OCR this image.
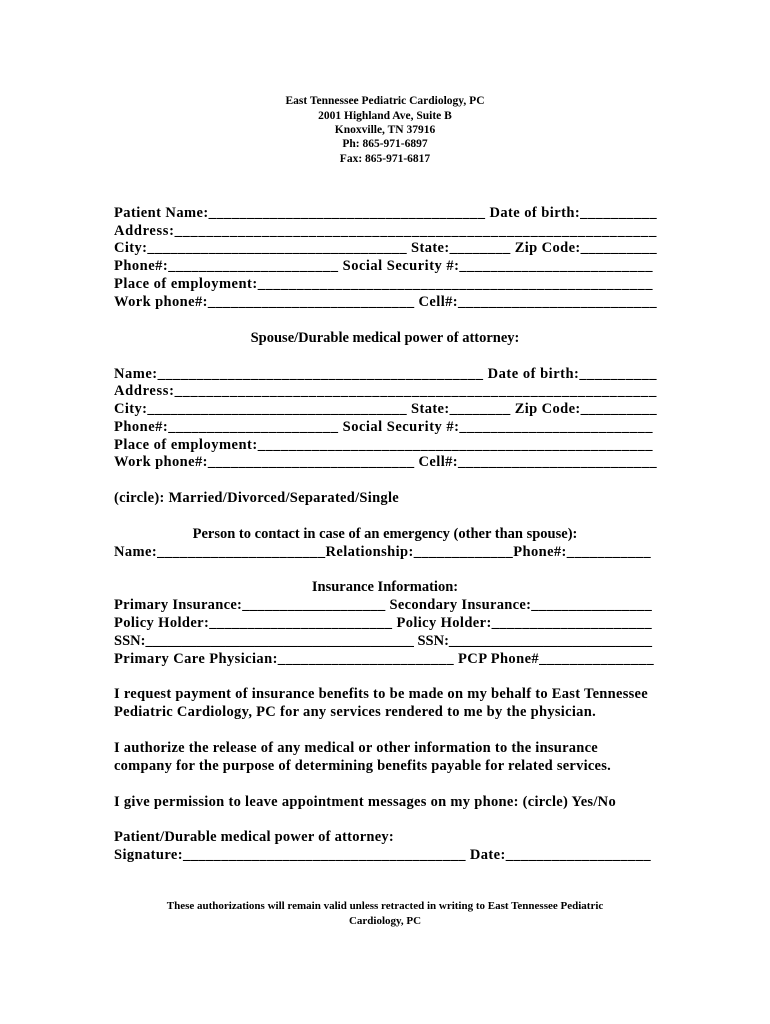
East Tennessee Pediatric Cardiology, PC

2001 Highland Ave, Suite B

Knoxville, TN 37916

Ph: 865-971-6897

Fax: 865-971-6817

Patient Name:____________________________________ Date of birth:__________

Address:_____________________________________________________________

City:__________________________________ State:________ Zip Code:__________

Phone#:______________________ Social Security #:_________________________

Place of employment:___________________________________________________

Work phone#:___________________________ Cell#:__________________________

Spouse/Durable medical power of attorney:

Name:__________________________________________ Date of birth:__________

Address:_____________________________________________________________

City:__________________________________ State:________ Zip Code:__________

Phone#:______________________ Social Security #:_________________________

Place of employment:___________________________________________________

Work phone#:___________________________ Cell#:__________________________

(circle): Married/Divorced/Separated/Single

Person to contact in case of an emergency (other than spouse):

Name:______________________Relationship:_____________Phone#:___________

Insurance Information:

Primary Insurance:___________________ Secondary Insurance:________________

Policy Holder:________________________ Policy Holder:_____________________

SSN:_____________________________________ SSN:____________________________

Primary Care Physician:_______________________ PCP Phone#_______________

I request payment of insurance benefits to be made on my behalf to East Tennessee

Pediatric Cardiology, PC for any services rendered to me by the physician.

I authorize the release of any medical or other information to the insurance

company for the purpose of determining benefits payable for related services.

I give permission to leave appointment messages on my phone: (circle) Yes/No

Patient/Durable medical power of attorney:

Signature:_____________________________________ Date:___________________

These authorizations will remain valid unless retracted in writing to East Tennessee Pediatric

Cardiology, PC
